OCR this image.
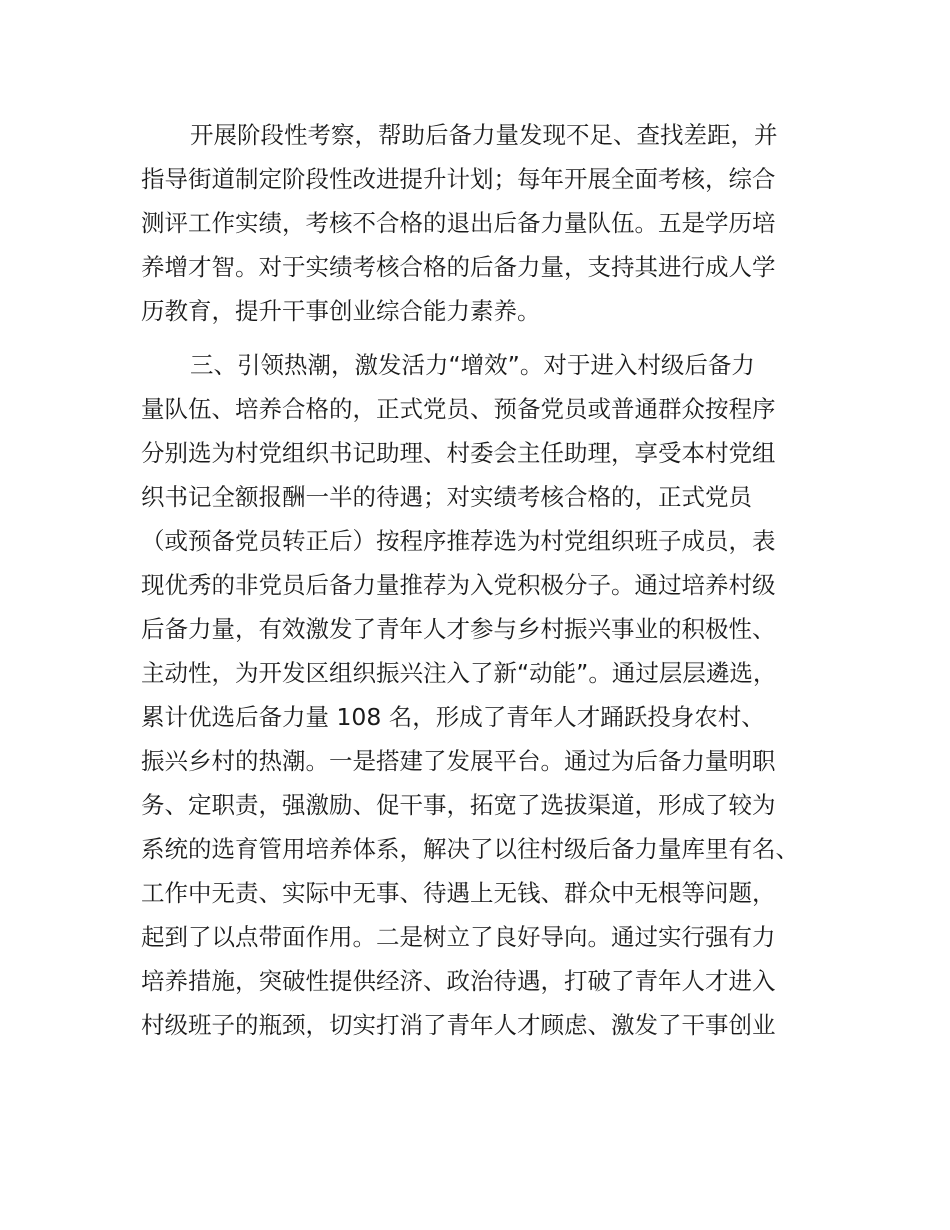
开展阶段性考察，帮助后备力量发现不足、查找差距，并
指导街道制定阶段性改进提升计划；每年开展全面考核，综合
测评工作实绩，考核不合格的退出后备力量队伍。五是学历培
养增才智。对于实绩考核合格的后备力量，支持其进行成人学
历教育，提升干事创业综合能力素养。
三、引领热潮，激发活力“增效”。对于进入村级后备力
量队伍、培养合格的，正式党员、预备党员或普通群众按程序
分别选为村党组织书记助理、村委会主任助理，享受本村党组
织书记全额报酬一半的待遇；对实绩考核合格的，正式党员
（或预备党员转正后）按程序推荐选为村党组织班子成员，表
现优秀的非党员后备力量推荐为入党积极分子。通过培养村级
后备力量，有效激发了青年人才参与乡村振兴事业的积极性、
主动性，为开发区组织振兴注入了新“动能”。通过层层遴选，
累计优选后备力量 108 名，形成了青年人才踊跃投身农村、
振兴乡村的热潮。一是搭建了发展平台。通过为后备力量明职
务、定职责，强激励、促干事，拓宽了选拔渠道，形成了较为
系统的选育管用培养体系，解决了以往村级后备力量库里有名、
工作中无责、实际中无事、待遇上无钱、群众中无根等问题，
起到了以点带面作用。二是树立了良好导向。通过实行强有力
培养措施，突破性提供经济、政治待遇，打破了青年人才进入
村级班子的瓶颈，切实打消了青年人才顾虑、激发了干事创业
